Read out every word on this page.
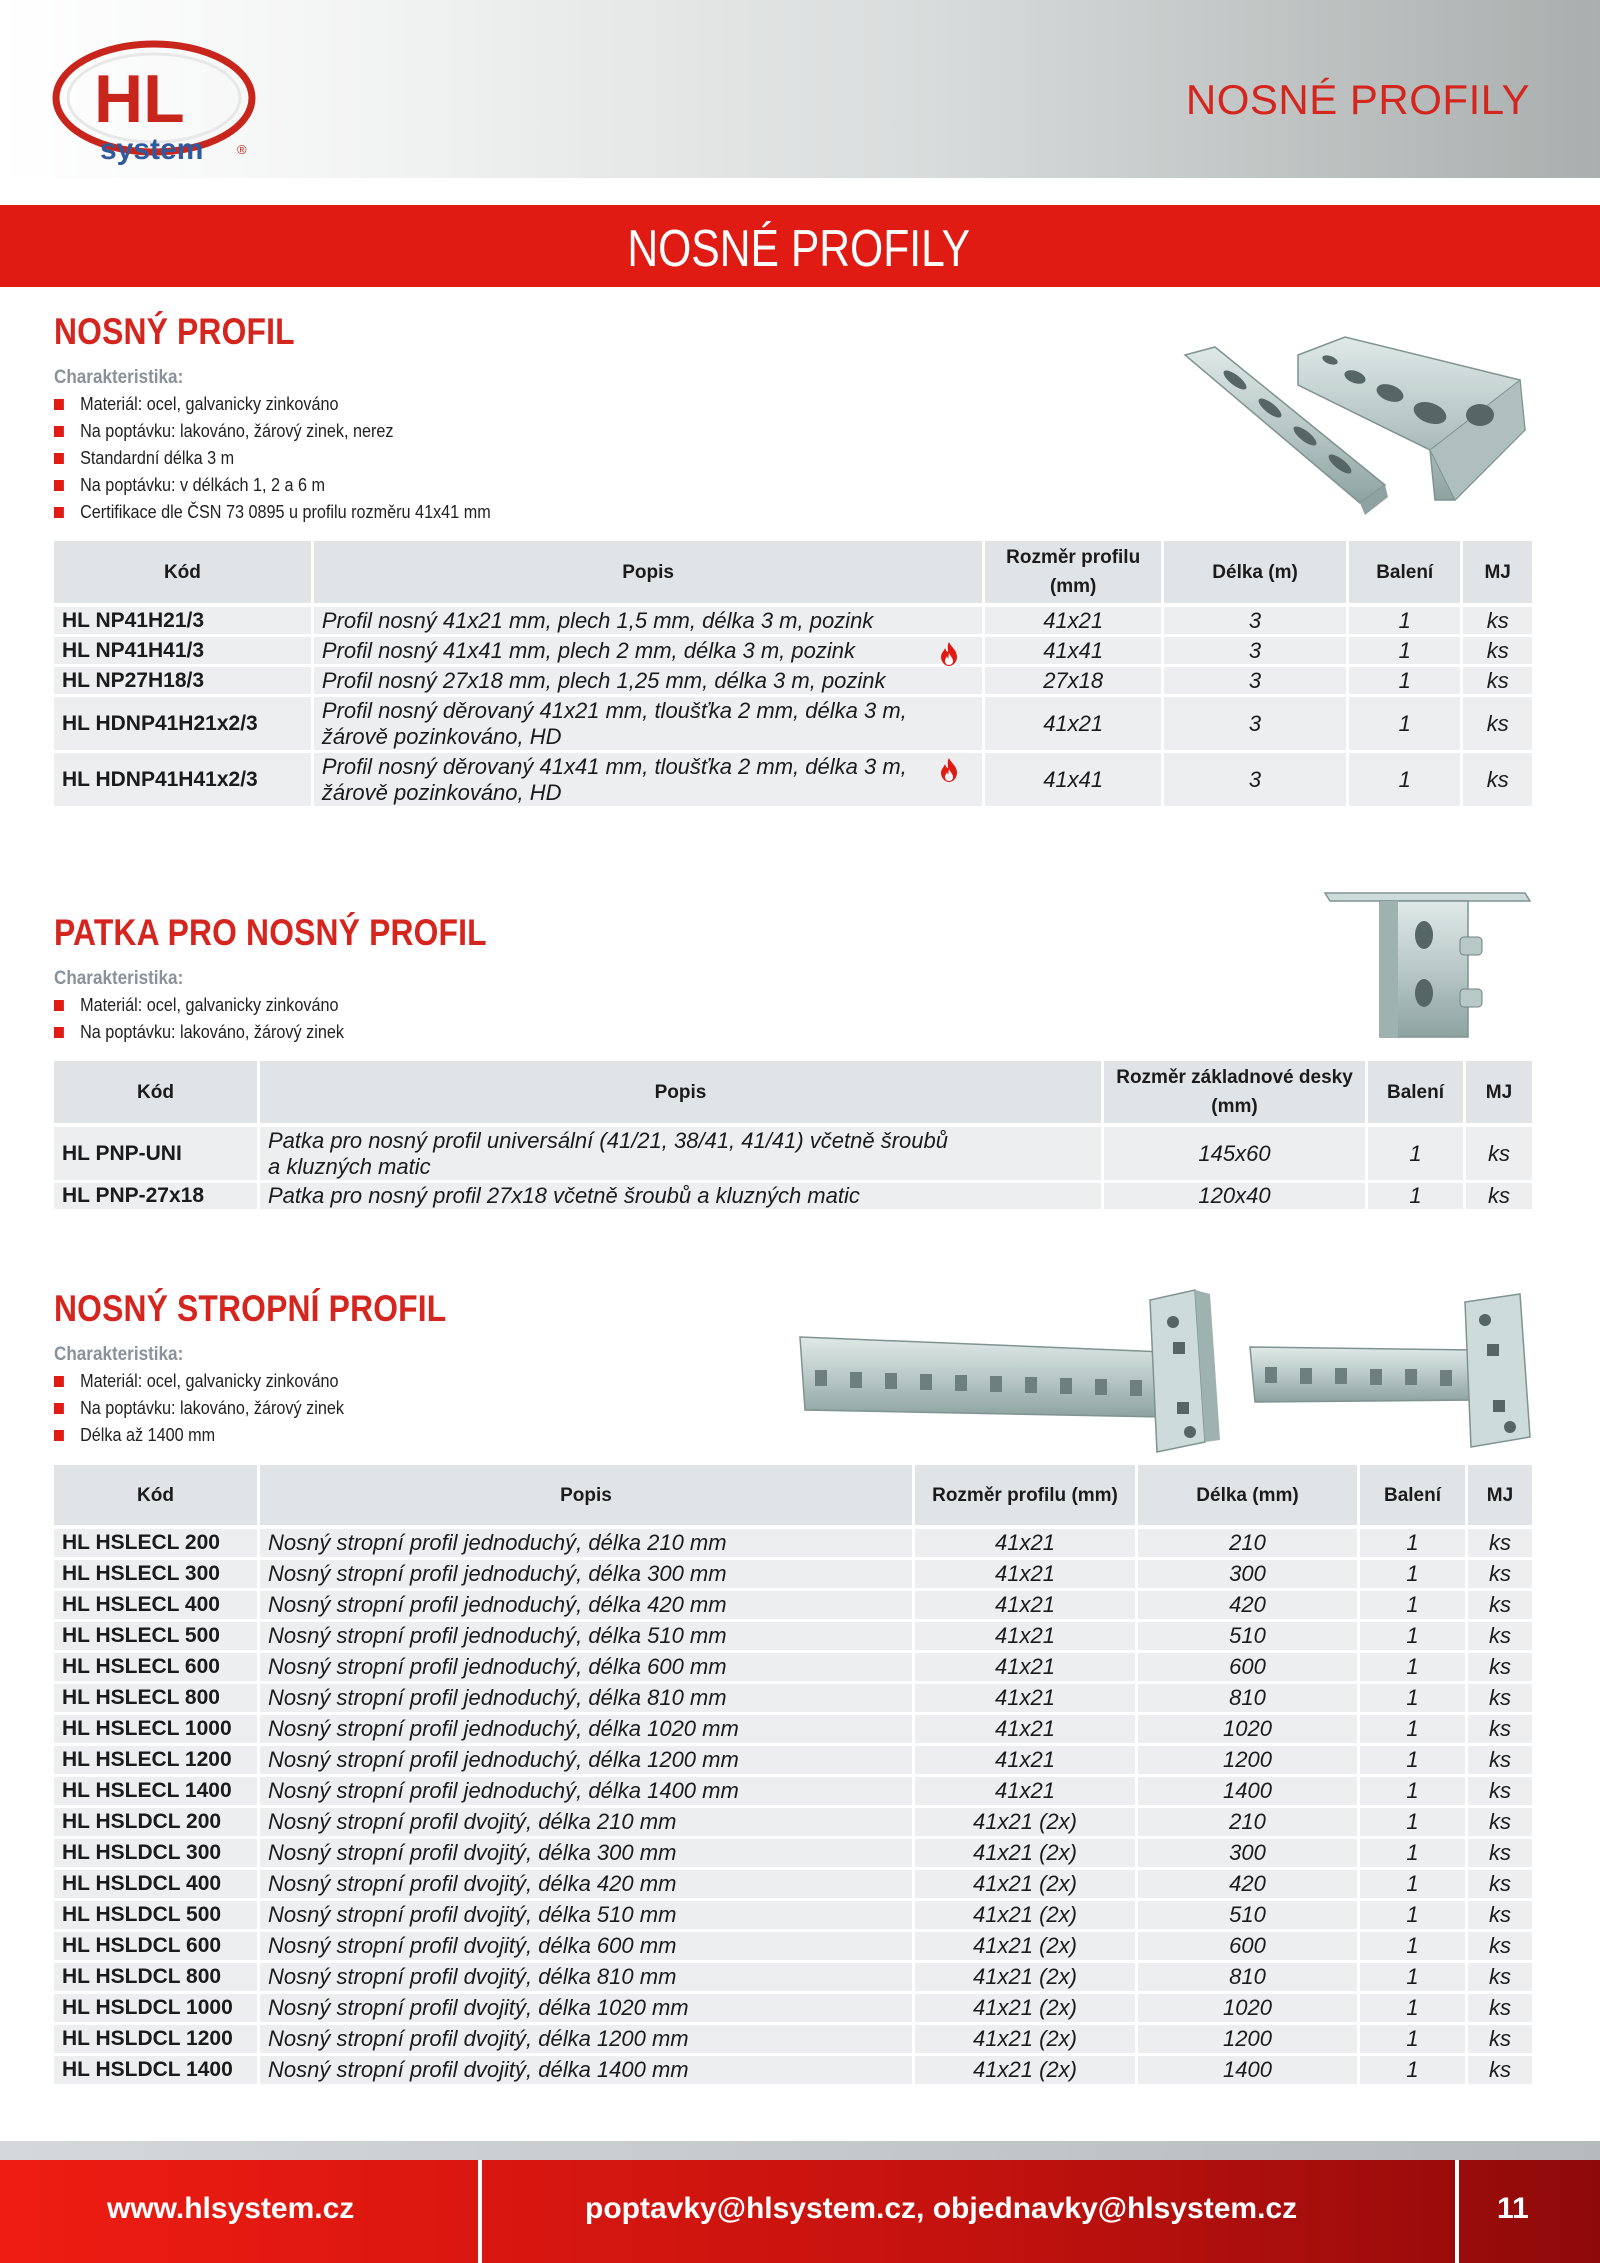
HL
system	®
NOSNÉ PROFILY
NOSNÉ PROFILY
NOSNÝ PROFIL
Charakteristika:
Materiál: ocel, galvanicky zinkováno
Na poptávku: lakováno, žárový zinek, nerez
Standardní délka 3 m
Na poptávku: v délkách 1, 2 a 6 m
Certifikace dle ČSN 73 0895 u profilu rozměru 41x41 mm
Kód	Popis	Rozměr profilu (mm)	Délka (m)	Balení	MJ
HL NP41H21/3	Profil nosný 41x21 mm, plech 1,5 mm, délka 3 m, pozink	41x21	3	1	ks
HL NP41H41/3	Profil nosný 41x41 mm, plech 2 mm, délka 3 m, pozink	41x41	3	1	ks
HL NP27H18/3	Profil nosný 27x18 mm, plech 1,25 mm, délka 3 m, pozink	27x18	3	1	ks
HL HDNP41H21x2/3	Profil nosný děrovaný 41x21 mm, tloušťka 2 mm, délka 3 m,
žárově pozinkováno, HD	41x21	3	1	ks
HL HDNP41H41x2/3	Profil nosný děrovaný 41x41 mm, tloušťka 2 mm, délka 3 m,
žárově pozinkováno, HD	41x41	3	1	ks
PATKA PRO NOSNÝ PROFIL
Charakteristika:
Materiál: ocel, galvanicky zinkováno
Na poptávku: lakováno, žárový zinek
Kód	Popis	Rozměr základnové desky (mm)	Balení	MJ
HL PNP-UNI	Patka pro nosný profil universální (41/21, 38/41, 41/41) včetně šroubů
a kluzných matic	145x60	1	ks
HL PNP-27x18	Patka pro nosný profil 27x18 včetně šroubů a kluzných matic	120x40	1	ks
NOSNÝ STROPNÍ PROFIL
Charakteristika:
Materiál: ocel, galvanicky zinkováno
Na poptávku: lakováno, žárový zinek
Délka až 1400 mm
Kód	Popis	Rozměr profilu (mm)	Délka (mm)	Balení	MJ
HL HSLECL 200	Nosný stropní profil jednoduchý, délka 210 mm	41x21	210	1	ks
HL HSLECL 300	Nosný stropní profil jednoduchý, délka 300 mm	41x21	300	1	ks
HL HSLECL 400	Nosný stropní profil jednoduchý, délka 420 mm	41x21	420	1	ks
HL HSLECL 500	Nosný stropní profil jednoduchý, délka 510 mm	41x21	510	1	ks
HL HSLECL 600	Nosný stropní profil jednoduchý, délka 600 mm	41x21	600	1	ks
HL HSLECL 800	Nosný stropní profil jednoduchý, délka 810 mm	41x21	810	1	ks
HL HSLECL 1000	Nosný stropní profil jednoduchý, délka 1020 mm	41x21	1020	1	ks
HL HSLECL 1200	Nosný stropní profil jednoduchý, délka 1200 mm	41x21	1200	1	ks
HL HSLECL 1400	Nosný stropní profil jednoduchý, délka 1400 mm	41x21	1400	1	ks
HL HSLDCL 200	Nosný stropní profil dvojitý, délka 210 mm	41x21 (2x)	210	1	ks
HL HSLDCL 300	Nosný stropní profil dvojitý, délka 300 mm	41x21 (2x)	300	1	ks
HL HSLDCL 400	Nosný stropní profil dvojitý, délka 420 mm	41x21 (2x)	420	1	ks
HL HSLDCL 500	Nosný stropní profil dvojitý, délka 510 mm	41x21 (2x)	510	1	ks
HL HSLDCL 600	Nosný stropní profil dvojitý, délka 600 mm	41x21 (2x)	600	1	ks
HL HSLDCL 800	Nosný stropní profil dvojitý, délka 810 mm	41x21 (2x)	810	1	ks
HL HSLDCL 1000	Nosný stropní profil dvojitý, délka 1020 mm	41x21 (2x)	1020	1	ks
HL HSLDCL 1200	Nosný stropní profil dvojitý, délka 1200 mm	41x21 (2x)	1200	1	ks
HL HSLDCL 1400	Nosný stropní profil dvojitý, délka 1400 mm	41x21 (2x)	1400	1	ks
www.hlsystem.cz	poptavky@hlsystem.cz, objednavky@hlsystem.cz	11
